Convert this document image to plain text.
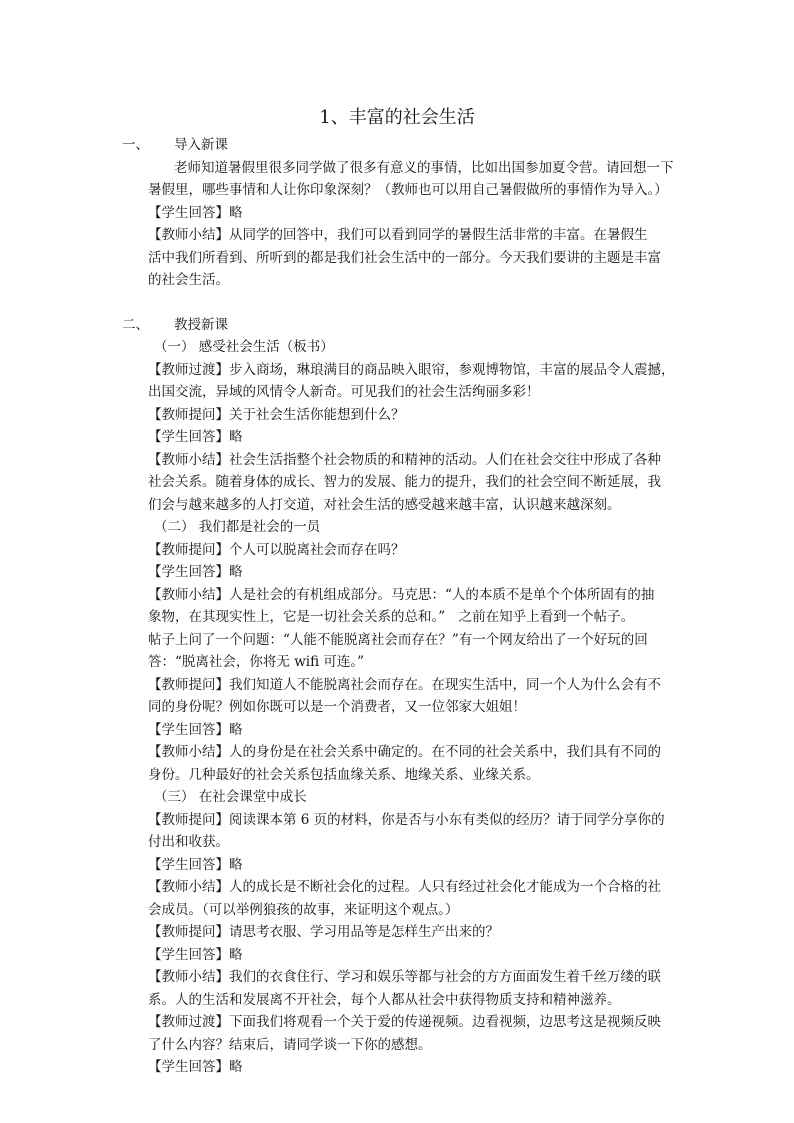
1、丰富的社会生活
一、 导入新课
老师知道暑假里很多同学做了很多有意义的事情，比如出国参加夏令营。请回想一下
暑假里，哪些事情和人让你印象深刻？（教师也可以用自己暑假做所的事情作为导入。）
【学生回答】略
【教师小结】从同学的回答中，我们可以看到同学的暑假生活非常的丰富。在暑假生
活中我们所看到、所听到的都是我们社会生活中的一部分。今天我们要讲的主题是丰富
的社会生活。
二、 教授新课
（一） 感受社会生活（板书）
【教师过渡】步入商场，琳琅满目的商品映入眼帘，参观博物馆，丰富的展品令人震撼，
出国交流，异域的风情令人新奇。可见我们的社会生活绚丽多彩！
【教师提问】关于社会生活你能想到什么？
【学生回答】略
【教师小结】社会生活指整个社会物质的和精神的活动。人们在社会交往中形成了各种
社会关系。随着身体的成长、智力的发展、能力的提升，我们的社会空间不断延展，我
们会与越来越多的人打交道，对社会生活的感受越来越丰富，认识越来越深刻。
（二） 我们都是社会的一员
【教师提问】个人可以脱离社会而存在吗？
【学生回答】略
【教师小结】人是社会的有机组成部分。马克思：“人的本质不是单个个体所固有的抽
象物，在其现实性上，它是一切社会关系的总和。”　之前在知乎上看到一个帖子。
帖子上问了一个问题：“人能不能脱离社会而存在？”有一个网友给出了一个好玩的回
答：“脱离社会，你将无 wifi 可连。”
【教师提问】我们知道人不能脱离社会而存在。在现实生活中，同一个人为什么会有不
同的身份呢？例如你既可以是一个消费者，又一位邻家大姐姐！
【学生回答】略
【教师小结】人的身份是在社会关系中确定的。在不同的社会关系中，我们具有不同的
身份。几种最好的社会关系包括血缘关系、地缘关系、业缘关系。
（三） 在社会课堂中成长
【教师提问】阅读课本第 6 页的材料，你是否与小东有类似的经历？请于同学分享你的
付出和收获。
【学生回答】略
【教师小结】人的成长是不断社会化的过程。人只有经过社会化才能成为一个合格的社
会成员。（可以举例狼孩的故事，来证明这个观点。）
【教师提问】请思考衣服、学习用品等是怎样生产出来的？
【学生回答】略
【教师小结】我们的衣食住行、学习和娱乐等都与社会的方方面面发生着千丝万缕的联
系。人的生活和发展离不开社会，每个人都从社会中获得物质支持和精神滋养。
【教师过渡】下面我们将观看一个关于爱的传递视频。边看视频，边思考这是视频反映
了什么内容？结束后，请同学谈一下你的感想。
【学生回答】略
